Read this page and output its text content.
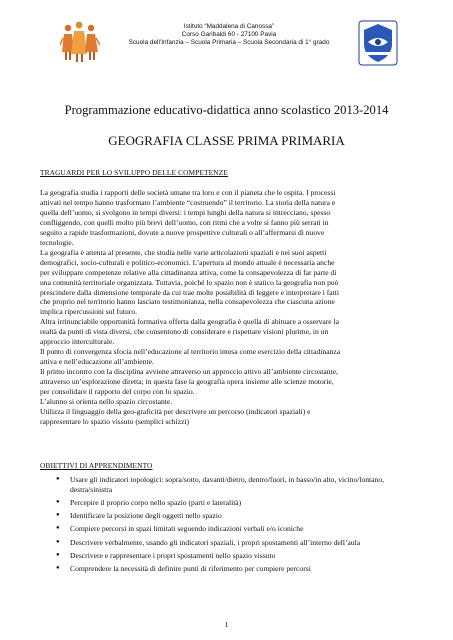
Istituto “Maddalena di Canossa”
Corso Garibaldi 60 - 27100 Pavia
Scuola dell’Infanzia – Scuola Primaria – Scuola Secondaria di 1° grado
Programmazione educativo-didattica anno scolastico 2013-2014
GEOGRAFIA CLASSE PRIMA PRIMARIA
TRAGUARDI PER LO SVILUPPO DELLE COMPETENZE
La geografia studia i rapporti delle società umane tra loro e con il pianeta che le ospita. I processi
attivati nel tempo hanno trasformato l’ambiente “costruendo” il territorio. La storia della natura e
quella dell’uomo, si svolgono in tempi diversi: i tempi lunghi della natura si intrecciano, spesso
confliggendo, con quelli molto più brevi dell’uomo, con ritmi che a volte si fanno più serrati in
seguito a rapide trasformazioni, dovute a nuove prospettive culturali o all’affermarsi di nuove
tecnologie.
La geografia è attenta al presente, che studia nelle varie articolazioni spaziali e nei suoi aspetti
demografici, socio-culturali e politico-economici. L’apertura al mondo attuale è necessaria anche
per sviluppare competenze relative alla cittadinanza attiva, come la consapevolezza di far parte di
una comunità territoriale organizzata. Tuttavia, poiché lo spazio non è statico la geografia non può
prescindere dalla dimensione temporale da cui trae molte possibilità di leggere e interpretare i fatti
che proprio nel territorio hanno lasciato testimonianza, nella consapevolezza che ciascuna azione
implica ripercussioni sul futuro.
Altra irrinunciabile opportunità formativa offerta dalla geografia è quella di abituare a osservare la
realtà da punti di vista diversi, che consentono di considerare e rispettare visioni plurime, in un
approccio interculturale.
Il punto di convergenza sfocia nell’educazione al territorio intesa come esercizio della cittadinanza
attiva e nell’educazione all’ambiente.
Il primo incontro con la disciplina avviene attraverso un approccio attivo all’ambiente circostante,
attraverso un’esplorazione diretta; in questa fase la geografia opera insieme alle scienze motorie,
per consolidare il rapporto del corpo con lo spazio.
L’alunno si orienta nello spazio circostante.
Utilizza il linguaggio della geo-graficità per descrivere un percorso (indicatori spaziali) e
rappresentare lo spazio vissuto (semplici schizzi)
OBIETTIVI DI APPRENDIMENTO
● Usare gli indicatori topologici: sopra/sotto, davanti/dietro, dentro/fuori, in basso/in alto, vicino/lontano, destra/sinistra
● Percepire il proprio corpo nello spazio (parti e lateralità)
● Identificare la posizione degli oggetti nello spazio
● Compiere percorsi in spazi limitati seguendo indicazioni verbali e/o iconiche
● Descrivere verbalmente, usando gli indicatori spaziali, i propri spostamenti all’interno dell’aula
● Descrivere e rappresentare i propri spostamenti nello spazio vissuto
● Comprendere la necessità di definire punti di riferimento per compiere percorsi
1
